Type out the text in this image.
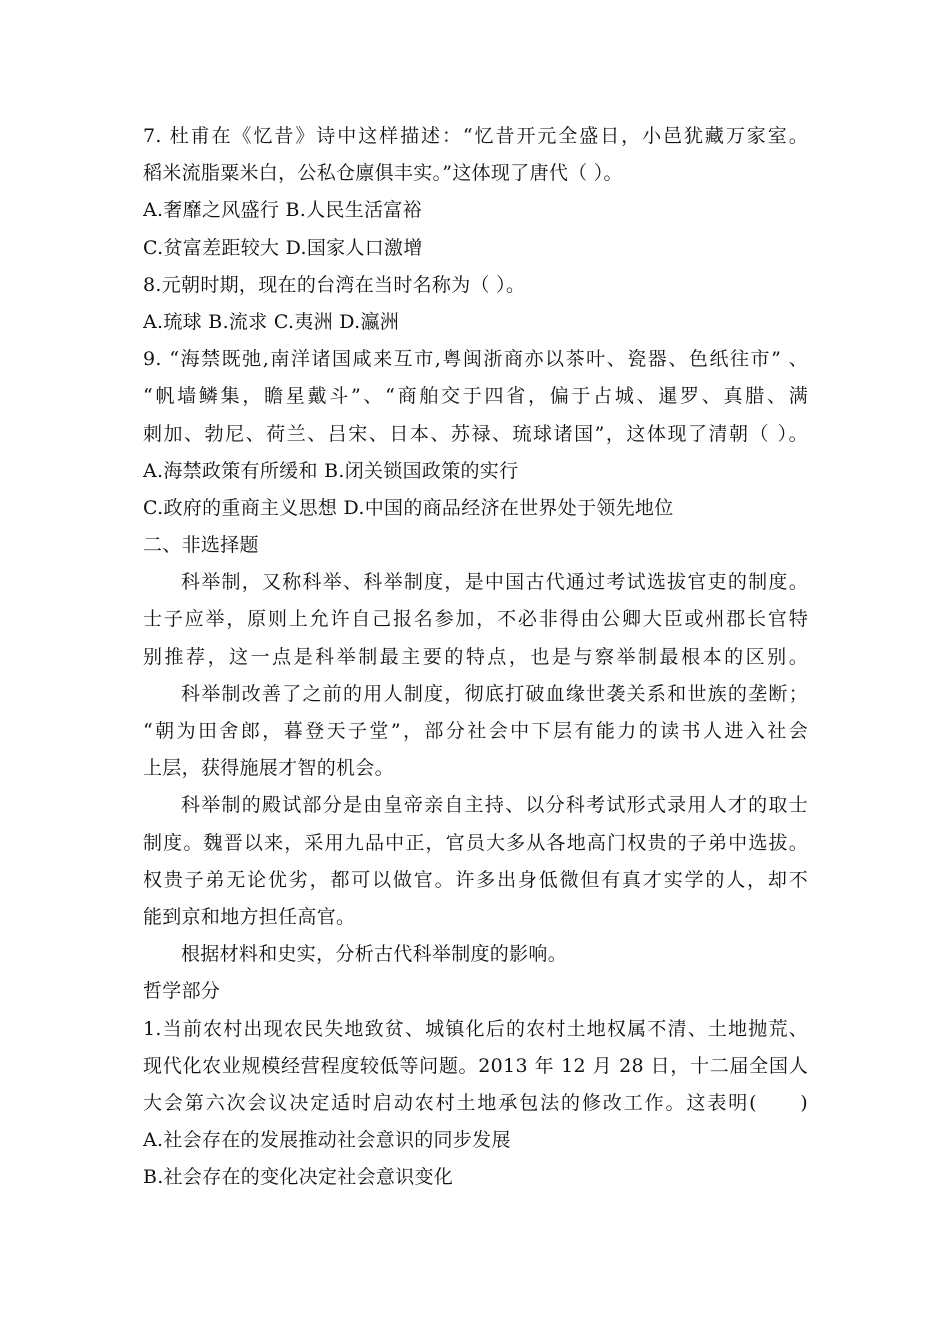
7. 杜甫在《忆昔》诗中这样描述：“忆昔开元全盛日，小邑犹藏万家室。
稻米流脂粟米白，公私仓廪俱丰实。”这体现了唐代（ ）。
A.奢靡之风盛行 B.人民生活富裕
C.贫富差距较大 D.国家人口激增
8.元朝时期，现在的台湾在当时名称为（ ）。
A.琉球 B.流求 C.夷洲 D.瀛洲
9. “海禁既弛,南洋诸国咸来互市,粤闽浙商亦以茶叶、瓷器、色纸往市” 、
“帆墙鳞集，瞻星戴斗”、“商舶交于四省，偏于占城、暹罗、真腊、满
刺加、勃尼、荷兰、吕宋、日本、苏禄、琉球诸国”，这体现了清朝（ ）。
A.海禁政策有所缓和 B.闭关锁国政策的实行
C.政府的重商主义思想 D.中国的商品经济在世界处于领先地位
二、非选择题
科举制，又称科举、科举制度，是中国古代通过考试选拔官吏的制度。
士子应举，原则上允许自己报名参加，不必非得由公卿大臣或州郡长官特
别推荐，这一点是科举制最主要的特点，也是与察举制最根本的区别。
科举制改善了之前的用人制度，彻底打破血缘世袭关系和世族的垄断；
“朝为田舍郎，暮登天子堂”，部分社会中下层有能力的读书人进入社会
上层，获得施展才智的机会。
科举制的殿试部分是由皇帝亲自主持、以分科考试形式录用人才的取士
制度。魏晋以来，采用九品中正，官员大多从各地高门权贵的子弟中选拔。
权贵子弟无论优劣，都可以做官。许多出身低微但有真才实学的人，却不
能到京和地方担任高官。
根据材料和史实，分析古代科举制度的影响。
哲学部分
1.当前农村出现农民失地致贫、城镇化后的农村土地权属不清、土地抛荒、
现代化农业规模经营程度较低等问题。2013 年 12 月 28 日，十二届全国人
大会第六次会议决定适时启动农村土地承包法的修改工作。这表明(　　)
A.社会存在的发展推动社会意识的同步发展
B.社会存在的变化决定社会意识变化
